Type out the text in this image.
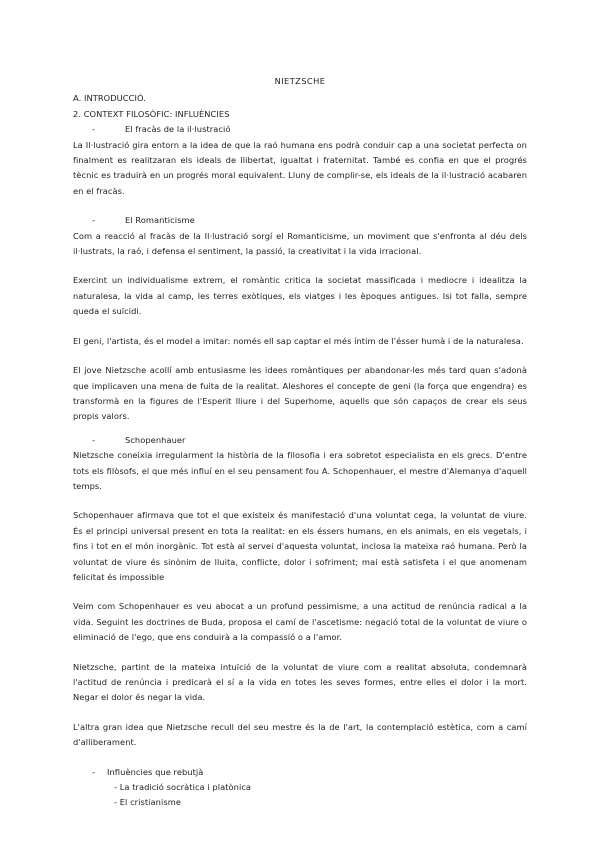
NIETZSCHE

A. INTRODUCCIÓ.

2. CONTEXT FILOSÒFIC: INFLUÈNCIES

-	El fracàs de la il·lustració

La Il·lustració gira entorn a la idea de que la raó humana ens podrà conduir cap a una societat perfecta on finalment es realitzaran els ideals de llibertat, igualtat i fraternitat. També es confia en que el progrés tècnic es traduirà en un progrés moral equivalent. Lluny de complir-se, els ideals de la il·lustració acabaren en el fracàs.

-	El Romanticisme

Com a reacció al fracàs de la Il·lustració sorgí el Romanticisme, un moviment que s'enfronta al déu dels il·lustrats, la raó, i defensa el sentiment, la passió, la creativitat i la vida irracional.

Exercint un individualisme extrem, el romàntic critica la societat massificada i mediocre i idealitza la naturalesa, la vida al camp, les terres exòtiques, els viatges i les èpoques antigues. Isi tot falla, sempre queda el suïcidi.

El geni, l'artista, és el model a imitar: només ell sap captar el més íntim de l'ésser humà i de la naturalesa.

El jove Nietzsche acollí amb entusiasme les idees romàntiques per abandonar-les més tard quan s'adonà que implicaven una mena de fuita de la realitat. Aleshores el concepte de geni (la força que engendra) es transformà en la figures de l'Esperit lliure i del Superhome, aquells que són capaços de crear els seus propis valors.

-	Schopenhauer

Nietzsche coneixia irregularment la història de la filosofia i era sobretot especialista en els grecs. D'entre tots els filòsofs, el que més influí en el seu pensament fou A. Schopenhauer, el mestre d'Alemanya d'aquell temps.

Schopenhauer afirmava que tot el que existeix és manifestació d'una voluntat cega, la voluntat de viure. És el principi universal present en tota la realitat: en els éssers humans, en els animals, en els vegetals, i fins i tot en el món inorgànic. Tot està al servei d'aquesta voluntat, inclosa la mateixa raó humana. Però la voluntat de viure és sinònim de lluita, conflicte, dolor i sofriment; mai està satisfeta i el que anomenam felicitat és impossible

Veim com Schopenhauer es veu abocat a un profund pessimisme, a una actitud de renúncia radical a la vida. Seguint les doctrines de Buda, proposa el camí de l'ascetisme: negació total de la voluntat de viure o eliminació de l'ego, que ens conduirà a la compassió o a l'amor.

Nietzsche, partint de la mateixa intuïció de la voluntat de viure com a realitat absoluta, condemnarà l'actitud de renúncia i predicarà el sí a la vida en totes les seves formes, entre elles el dolor i la mort. Negar el dolor és negar la vida.

L'altra gran idea que Nietzsche recull del seu mestre és la de l'art, la contemplació estètica, com a camí d'alliberament.

- Influències que rebutjà

- La tradició socràtica i platònica

- El cristianisme
